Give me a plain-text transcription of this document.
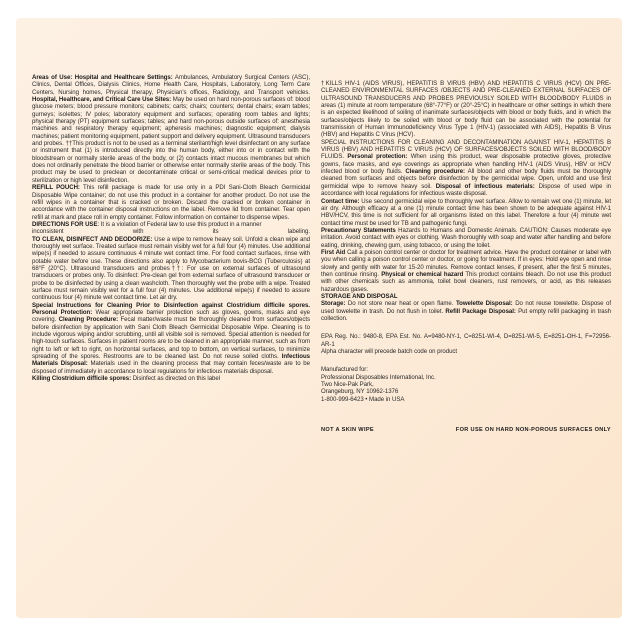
Areas of Use: Hospital and Healthcare Settings: Ambulances, Ambulatory Surgical Centers (ASC), Clinics, Dental Offices, Dialysis Clinics, Home Health Care, Hospitals, Laboratory, Long Term Care Centers, Nursing homes, Physical therapy, Physician's offices, Radiology, and Transport vehicles. Hospital, Healthcare, and Critical Care Use Sites: May be used on hard non-porous surfaces of: blood glucose meters; blood pressure monitors; cabinets; carts; chairs; counters; dental chairs; exam tables; gurneys; isolettes; IV poles; laboratory equipment and surfaces; operating room tables and lights; physical therapy (PT) equipment surfaces; tables; and hard non-porous outside surfaces of: anesthesia machines and respiratory therapy equipment; apheresis machines; diagnostic equipment; dialysis machines; patient monitoring equipment, patient support and delivery equipment. Ultrasound transducers and probes. ††This product is not to be used as a terminal sterilant/high level disinfectant on any surface or instrument that (1) is introduced directly into the human body, either into or in contact with the bloodstream or normally sterile areas of the body, or (2) contacts intact mucous membranes but which does not ordinarily penetrate the blood barrier or otherwise enter normally sterile areas of the body. This product may be used to preclean or decontaminate critical or semi-critical medical devices prior to sterilization or high level disinfection.

REFILL POUCH: This refill package is made for use only in a PDI Sani-Cloth Bleach Germicidal Disposable Wipe container; do not use this product in a container for another product. Do not use the refill wipes in a container that is cracked or broken. Discard the cracked or broken container in accordance with the container disposal instructions on the label. Remove lid from container. Tear open refill at mark and place roll in empty container. Follow information on container to dispense wipes.

DIRECTIONS FOR USE: It is a violation of Federal law to use this product in a manner

inconsistent	with	its	labeling.

TO CLEAN, DISINFECT AND DEODORIZE: Use a wipe to remove heavy soil. Unfold a clean wipe and thoroughly wet surface. Treated surface must remain visibly wet for a full four (4) minutes. Use additional wipe(s) if needed to assure continuous 4 minute wet contact time. For food contact surfaces, rinse with potable water before use. These directions also apply to Mycobacterium bovis-BCG (Tuberculosis) at 68°F (20°C). Ultrasound transducers and probes††: For use on external surfaces of ultrasound transducers or probes only. To disinfect: Pre-clean gel from external surface of ultrasound transducer or probe to be disinfected by using a clean washcloth. Then thoroughly wet the probe with a wipe. Treated surface must remain visibly wet for a full four (4) minutes. Use additional wipe(s) if needed to assure continuous four (4) minute wet contact time. Let air dry.

Special Instructions for Cleaning Prior to Disinfection against Clostridium difficile spores. Personal Protection: Wear appropriate barrier protection such as gloves, gowns, masks and eye covering. Cleaning Procedure: Fecal matter/waste must be thoroughly cleaned from surfaces/objects before disinfection by application with Sani Cloth Bleach Germicidal Disposable Wipe. Cleaning is to include vigorous wiping and/or scrubbing, until all visible soil is removed. Special attention is needed for high-touch surfaces. Surfaces in patient rooms are to be cleaned in an appropriate manner, such as from right to left or left to right, on horizontal surfaces, and top to bottom, on vertical surfaces, to minimize spreading of the spores. Restrooms are to be cleaned last. Do not reuse soiled cloths. Infectious Materials Disposal: Materials used in the cleaning process that may contain feces/waste are to be disposed of immediately in accordance to local regulations for infectious materials disposal.

Killing Clostridium difficile spores: Disinfect as directed on this label

†KILLS HIV-1 (AIDS VIRUS), HEPATITIS B VIRUS (HBV) AND HEPATITIS C VIRUS (HCV) ON PRE-CLEANED ENVIRONMENTAL SURFACES /OBJECTS AND PRE-CLEANED EXTERNAL SURFACES OF ULTRASOUND TRANSDUCERS AND PROBES PREVIOUSLY SOILED WITH BLOOD/BODY FLUIDS in areas (1) minute at room temperature (68°-77°F) or (20°-25°C) in healthcare or other settings in which there is an expected likelihood of soiling of inanimate surfaces/objects with blood or body fluids, and in which the surfaces/objects likely to be soiled with blood or body fluid can be associated with the potential for transmission of Human Immunodeficiency Virus Type 1 (HIV-1) (associated with AIDS), Hepatitis B Virus (HBV) and Hepatitis C Virus (HCV).

SPECIAL INSTRUCTIONS FOR CLEANING AND DECONTAMINATION AGAINST HIV-1, HEPATITIS B VIRUS (HBV) AND HEPATITIS C VIRUS (HCV) OF SURFACES/OBJECTS SOILED WITH BLOOD/BODY FLUIDS. Personal protection: When using this product, wear disposable protective gloves, protective gowns, face masks, and eye coverings as appropriate when handling HIV-1 (AIDS Virus), HBV or HCV infected blood or body fluids. Cleaning procedure: All blood and other body fluids must be thoroughly cleaned from surfaces and objects before disinfection by the germicidal wipe. Open, unfold and use first germicidal wipe to remove heavy soil. Disposal of infectious materials: Dispose of used wipe in accordance with local regulations for infectious waste disposal.

Contact time: Use second germicidal wipe to thoroughly wet surface. Allow to remain wet one (1) minute, let air dry. Although efficacy at a one (1) minute contact time has been shown to be adequate against HIV-1 HBV/HCV, this time is not sufficient for all organisms listed on this label. Therefore a four (4) minute wet contact time must be used for TB and pathogenic fungi.

Precautionary Statements Hazards to Humans and Domestic Animals. CAUTION: Causes moderate eye irritation. Avoid contact with eyes or clothing. Wash thoroughly with soap and water after handling and before eating, drinking, chewing gum, using tobacco, or using the toilet.

First Aid Call a poison control center or doctor for treatment advice. Have the product container or label with you when calling a poison control center or doctor, or going for treatment. If in eyes: Hold eye open and rinse slowly and gently with water for 15-20 minutes. Remove contact lenses, if present, after the first 5 minutes, then continue rinsing. Physical or chemical hazard This product contains bleach. Do not use this product with other chemicals such as ammonia, toilet bowl cleaners, rust removers, or acid, as this releases hazardous gases.

STORAGE AND DISPOSAL
Storage: Do not store near heat or open flame. Towelette Disposal: Do not reuse towelette. Dispose of used towelette in trash. Do not flush in toilet. Refill Package Disposal: Put empty refill packaging in trash collection.

EPA Reg. No.: 9480-8, EPA Est. No. A=9480-NY-1, C=8251-WI-4, D=8251-WI-5, E=8251-OH-1, F=72956-AR-1

Alpha character will precede batch code on product

Manufactured for:

Professional Disposables International, Inc.

Two Nice-Pak Park,

Orangeburg, NY 10962-1376

1-800-999-6423 • Made in USA

NOT A SKIN WIPE	FOR USE ON HARD NON-POROUS SURFACES ONLY
